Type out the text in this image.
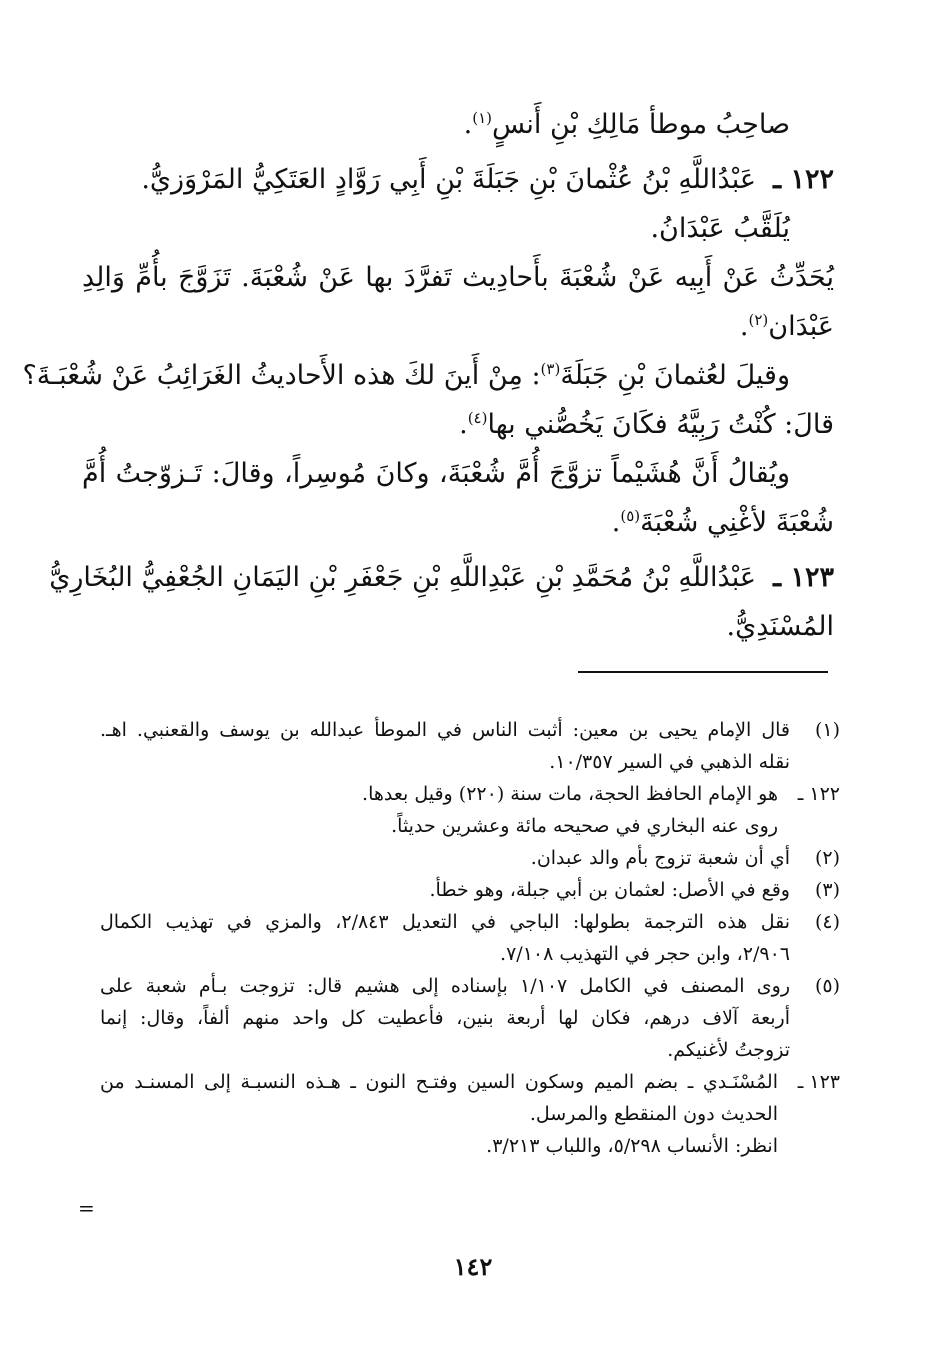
صاحِبُ موطأ مَالِكِ بْنِ أَنسٍ$^{(١)}$.
١٢٢ ـ  عَبْدُاللَّهِ بْنُ عُثْمانَ بْنِ جَبَلَةَ بْنِ أَبِي رَوَّادٍ العَتَكِيُّ المَرْوَزيُّ.
يُلَقَّبُ عَبْدَانُ.
يُحَدِّثُ عَنْ أَبِيه عَنْ شُعْبَةَ بأَحادِيث تَفرَّدَ بها عَنْ شُعْبَةَ. تَزَوَّجَ بأُمِّ وَالِدِ
عَبْدَان$^{(٢)}$.
وقيلَ لعُثمانَ بْنِ جَبَلَةَ$^{(٣)}$: مِنْ أَينَ لكَ هذه الأَحاديثُ الغَرَائِبُ عَنْ شُعْبَـةَ؟
قالَ: كُنْتُ رَبِيَّهُ فكَانَ يَخُصُّني بها$^{(٤)}$.
ويُقالُ أَنَّ هُشَيْماً تزوَّجَ أُمَّ شُعْبَةَ، وكانَ مُوسِراً، وقالَ: تَـزوّجتُ أُمَّ
شُعْبَةَ لأغْنِي شُعْبَةَ$^{(٥)}$.
١٢٣ ـ  عَبْدُاللَّهِ بْنُ مُحَمَّدِ بْنِ عَبْدِاللَّهِ بْنِ جَعْفَرِ بْنِ اليَمَانِ الجُعْفِيُّ البُخَارِيُّ
المُسْنَدِيُّ.
(١)
قال الإمام يحيى بن معين: أثبت الناس في الموطأ عبدالله بن يوسف والقعنبي. اهـ.
نقله الذهبي في السير ١٠/٣٥٧.
١٢٢ ـ
هو الإمام الحافظ الحجة، مات سنة (٢٢٠) وقيل بعدها.
روى عنه البخاري في صحيحه مائة وعشرين حديثاً.
(٢)
أي أن شعبة تزوج بأم والد عبدان.
(٣)
وقع في الأصل: لعثمان بن أبي جبلة، وهو خطأ.
(٤)
نقل هذه الترجمة بطولها: الباجي في التعديل ٢/٨٤٣، والمزي في تهذيب الكمال
٢/٩٠٦، وابن حجر في التهذيب ٧/١٠٨.
(٥)
روى المصنف في الكامل ١/١٠٧ بإسناده إلى هشيم قال: تزوجت بـأم شعبة على
أربعة آلاف درهم، فكان لها أربعة بنين، فأعطيت كل واحد منهم ألفاً، وقال: إنما
تزوجتُ لأغنيكم.
١٢٣ ـ
المُسْنَـدي ـ بضم الميم وسكون السين وفتـح النون ـ هـذه النسبـة إلى المسنـد من
الحديث دون المنقطع والمرسل.
انظر: الأنساب ٥/٢٩٨، واللباب ٣/٢١٣.
=
١٤٢
